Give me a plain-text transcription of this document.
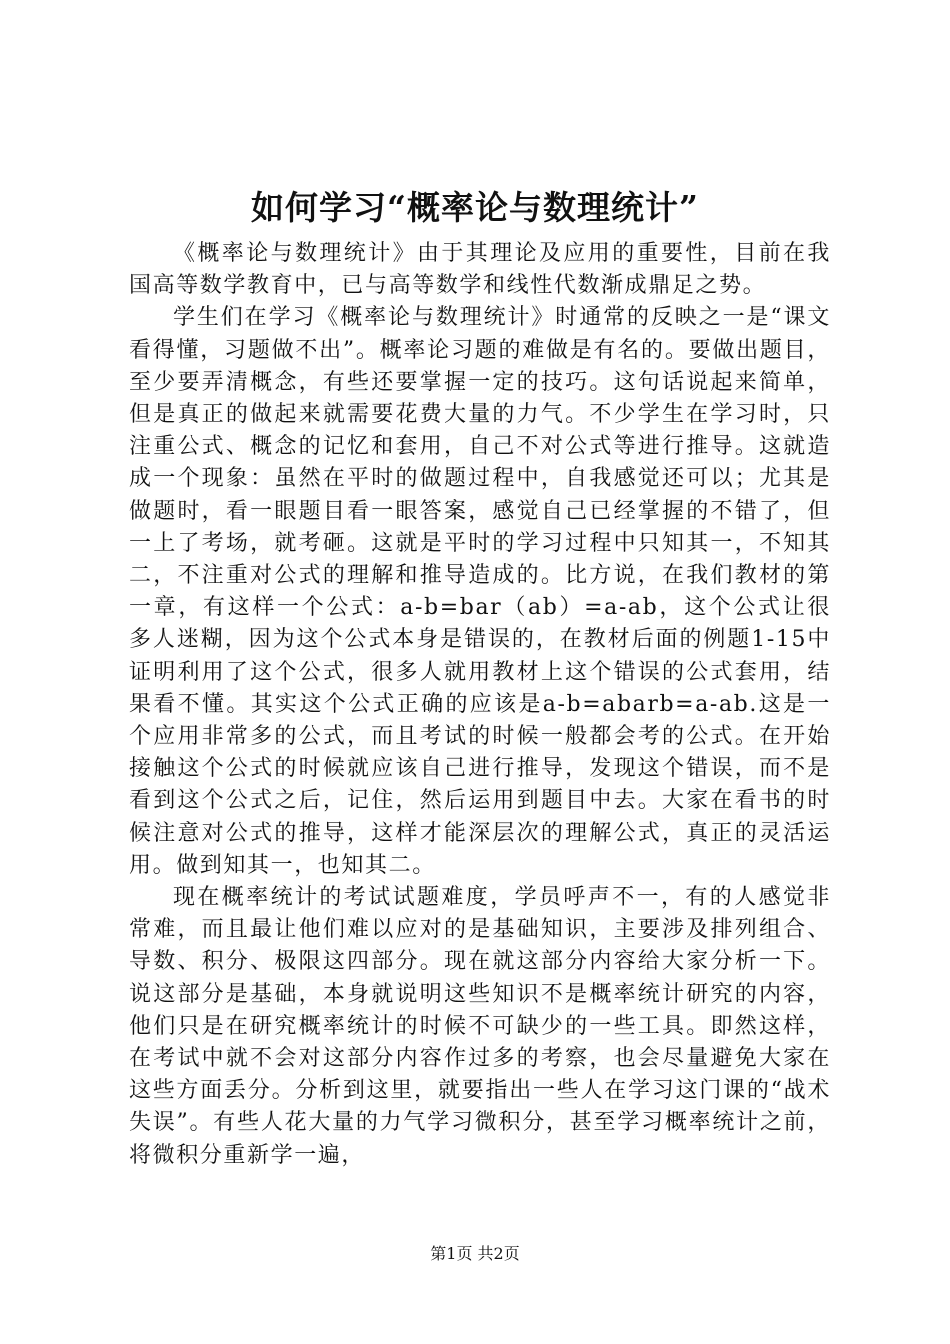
如何学习“概率论与数理统计”

《概率论与数理统计》由于其理论及应用的重要性，目前在我国高等数学教育中，已与高等数学和线性代数渐成鼎足之势。

学生们在学习《概率论与数理统计》时通常的反映之一是“课文看得懂，习题做不出”。概率论习题的难做是有名的。要做出题目，至少要弄清概念，有些还要掌握一定的技巧。这句话说起来简单，但是真正的做起来就需要花费大量的力气。不少学生在学习时，只注重公式、概念的记忆和套用，自己不对公式等进行推导。这就造成一个现象：虽然在平时的做题过程中，自我感觉还可以；尤其是做题时，看一眼题目看一眼答案，感觉自己已经掌握的不错了，但一上了考场，就考砸。这就是平时的学习过程中只知其一，不知其二，不注重对公式的理解和推导造成的。比方说，在我们教材的第一章，有这样一个公式：a-b=bar（ab）=a-ab，这个公式让很多人迷糊，因为这个公式本身是错误的，在教材后面的例题1-15中证明利用了这个公式，很多人就用教材上这个错误的公式套用，结果看不懂。其实这个公式正确的应该是a-b=abarb=a-ab.这是一个应用非常多的公式，而且考试的时候一般都会考的公式。在开始接触这个公式的时候就应该自己进行推导，发现这个错误，而不是看到这个公式之后，记住，然后运用到题目中去。大家在看书的时候注意对公式的推导，这样才能深层次的理解公式，真正的灵活运用。做到知其一，也知其二。

现在概率统计的考试试题难度，学员呼声不一，有的人感觉非常难，而且最让他们难以应对的是基础知识，主要涉及排列组合、导数、积分、极限这四部分。现在就这部分内容给大家分析一下。说这部分是基础，本身就说明这些知识不是概率统计研究的内容，他们只是在研究概率统计的时候不可缺少的一些工具。即然这样，在考试中就不会对这部分内容作过多的考察，也会尽量避免大家在这些方面丢分。分析到这里，就要指出一些人在学习这门课的“战术失误”。有些人花大量的力气学习微积分，甚至学习概率统计之前，将微积分重新学一遍，

第1页 共2页
